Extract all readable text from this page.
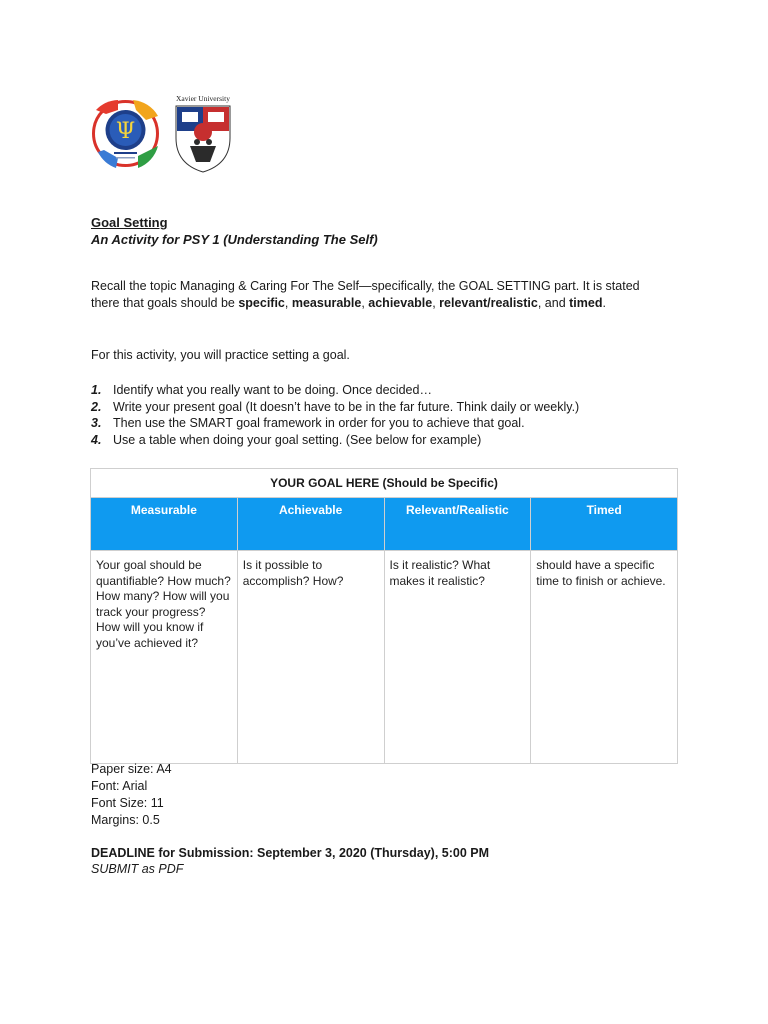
Ψ
Xavier University
Goal Setting
An Activity for PSY 1 (Understanding The Self)
Recall the topic Managing & Caring For The Self—specifically, the GOAL SETTING part. It is stated there that goals should be specific, measurable, achievable, relevant/realistic, and timed.
For this activity, you will practice setting a goal.
1. Identify what you really want to be doing. Once decided…
2. Write your present goal (It doesn’t have to be in the far future. Think daily or weekly.)
3. Then use the SMART goal framework in order for you to achieve that goal.
4. Use a table when doing your goal setting. (See below for example)
YOUR GOAL HERE (Should be Specific)			
Measurable	Achievable	Relevant/Realistic	Timed
Your goal should be quantifiable? How much? How many? How will you track your progress? How will you know if you’ve achieved it?	Is it possible to accomplish? How?	Is it realistic? What makes it realistic?	should have a specific time to finish or achieve.
Paper size: A4
Font: Arial
Font Size: 11
Margins: 0.5
DEADLINE for Submission: September 3, 2020 (Thursday), 5:00 PM
SUBMIT as PDF
